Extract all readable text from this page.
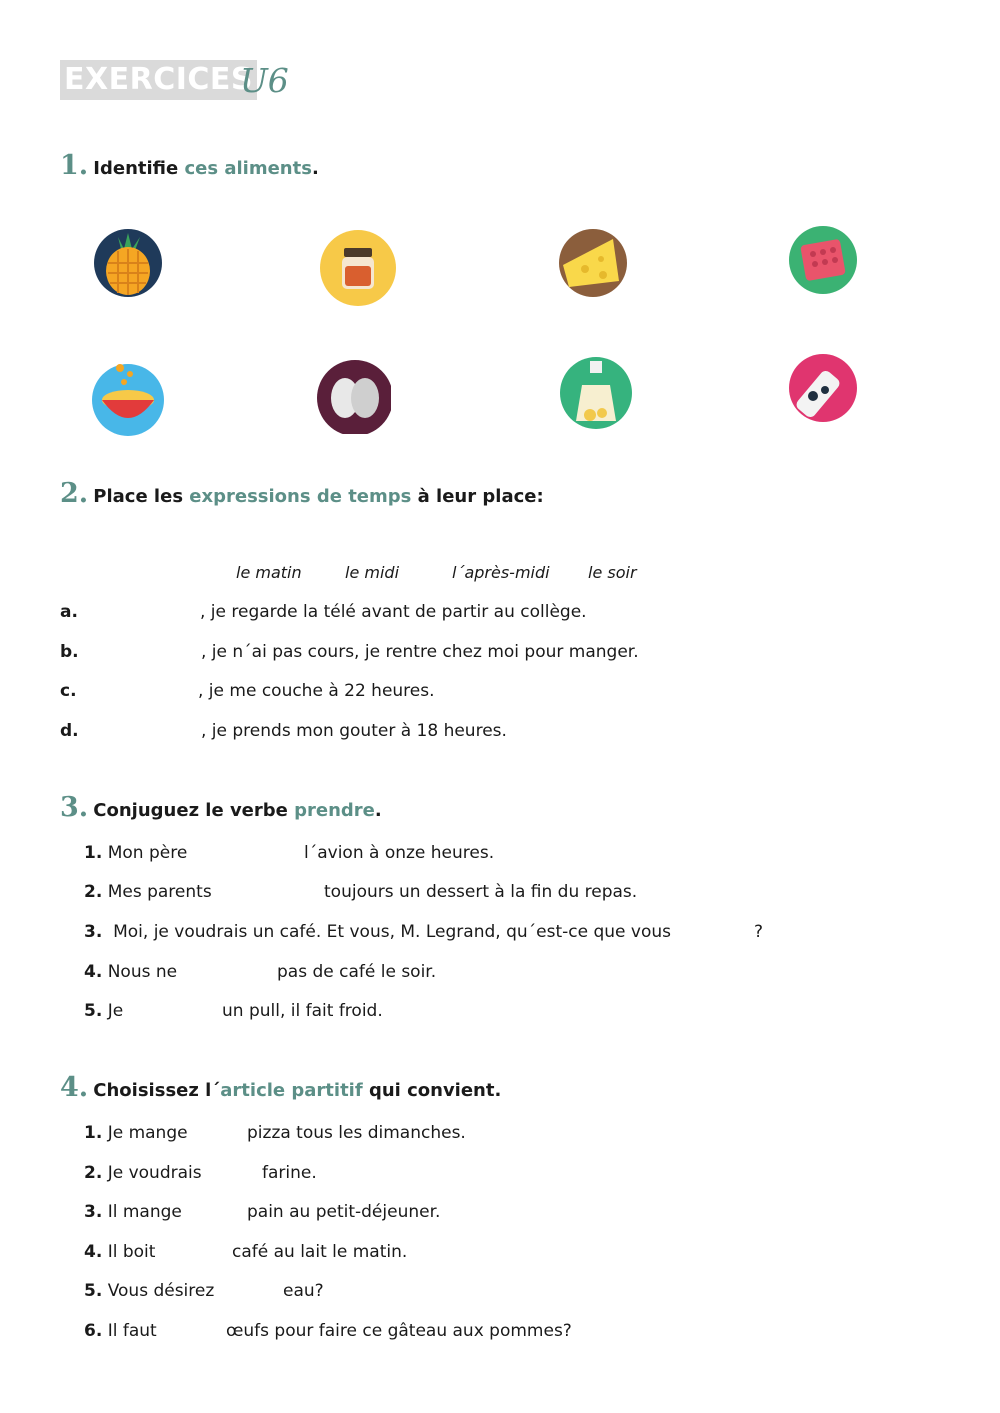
EXERCICES
U6
1. Identifie ces aliments.
2. Place les expressions de temps à leur place:
le matin	le midi	l´après-midi le soir
a.	, je regarde la télé avant de partir au collège.
b.	, je n´ai pas cours, je rentre chez moi pour manger.
c.	, je me couche à 22 heures.
d.	, je prends mon gouter à 18 heures.
3. Conjuguez le verbe prendre.
1. Mon père	l´avion à onze heures.
2. Mes parents	toujours un dessert à la fin du repas.
3. Moi, je voudrais un café. Et vous, M. Legrand, qu´est-ce que vous	?
4. Nous ne	pas de café le soir.
5. Je	un pull, il fait froid.
4. Choisissez l´article partitif qui convient.
1. Je mange	pizza tous les dimanches.
2. Je voudrais	farine.
3. Il mange	pain au petit-déjeuner.
4. Il boit	café au lait le matin.
5. Vous désirez	eau?
6. Il faut	œufs pour faire ce gâteau aux pommes?
